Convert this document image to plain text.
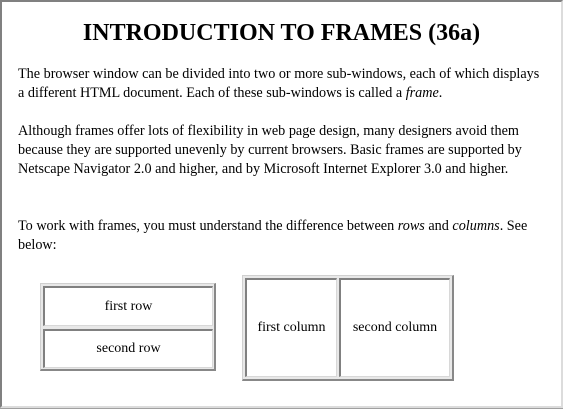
INTRODUCTION TO FRAMES (36a)

The browser window can be divided into two or more sub-windows, each of which displays a different HTML document. Each of these sub-windows is called a frame.

Although frames offer lots of flexibility in web page design, many designers avoid them because they are supported unevenly by current browsers. Basic frames are supported by Netscape Navigator 2.0 and higher, and by Microsoft Internet Explorer 3.0 and higher.

To work with frames, you must understand the difference between rows and columns. See below:

first row
second row
first column second column
